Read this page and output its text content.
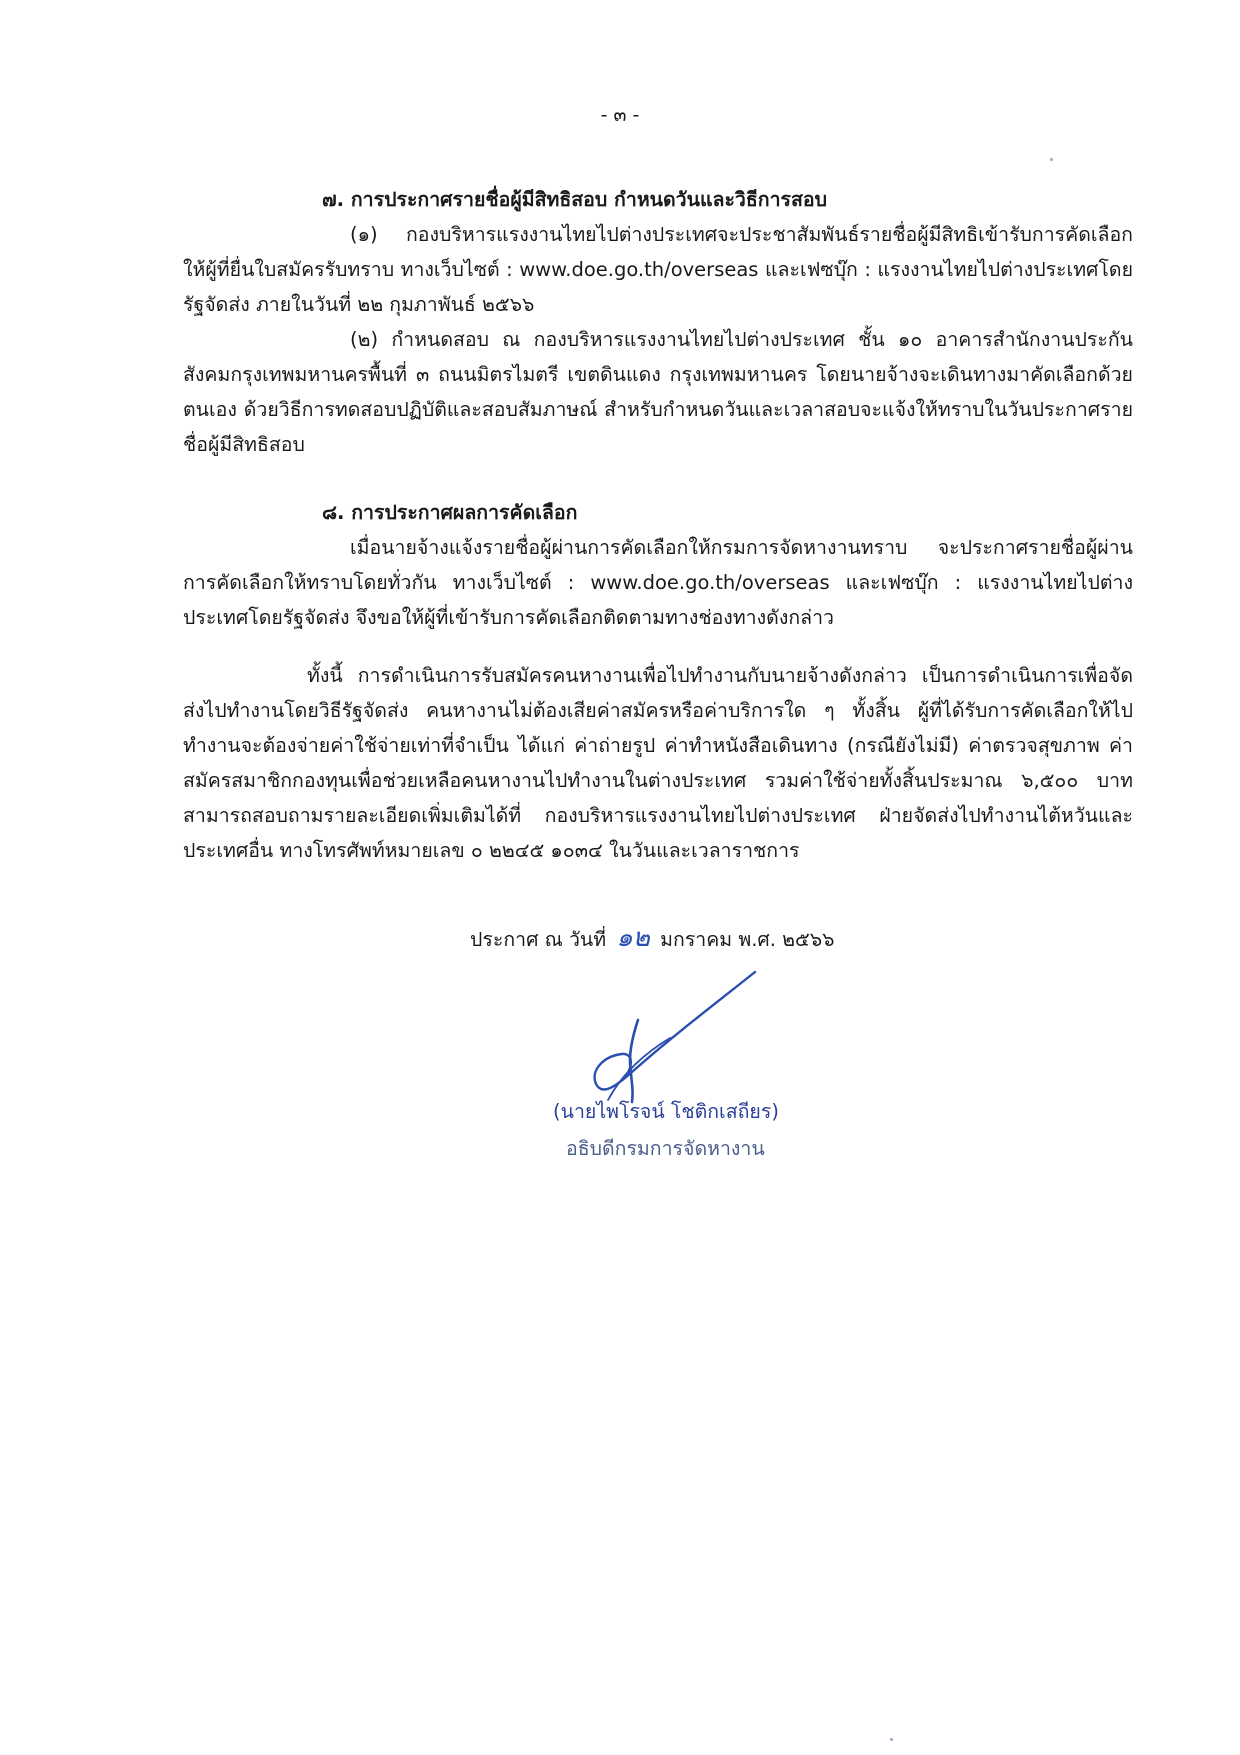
- ๓ -

๗. การประกาศรายชื่อผู้มีสิทธิสอบ กำหนดวันและวิธีการสอบ

(๑) กองบริหารแรงงานไทยไปต่างประเทศจะประชาสัมพันธ์รายชื่อผู้มีสิทธิเข้ารับการคัดเลือกให้ผู้ที่ยื่นใบสมัครรับทราบ ทางเว็บไซต์ : www.doe.go.th/overseas และเฟซบุ๊ก : แรงงานไทยไปต่างประเทศโดยรัฐจัดส่ง ภายในวันที่ ๒๒ กุมภาพันธ์ ๒๕๖๖

(๒) กำหนดสอบ ณ กองบริหารแรงงานไทยไปต่างประเทศ ชั้น ๑๐ อาคารสำนักงานประกันสังคมกรุงเทพมหานครพื้นที่ ๓ ถนนมิตรไมตรี เขตดินแดง กรุงเทพมหานคร โดยนายจ้างจะเดินทางมาคัดเลือกด้วยตนเอง ด้วยวิธีการทดสอบปฏิบัติและสอบสัมภาษณ์ สำหรับกำหนดวันและเวลาสอบจะแจ้งให้ทราบในวันประกาศรายชื่อผู้มีสิทธิสอบ

๘. การประกาศผลการคัดเลือก

เมื่อนายจ้างแจ้งรายชื่อผู้ผ่านการคัดเลือกให้กรมการจัดหางานทราบ จะประกาศรายชื่อผู้ผ่านการคัดเลือกให้ทราบโดยทั่วกัน ทางเว็บไซต์ : www.doe.go.th/overseas และเฟซบุ๊ก : แรงงานไทยไปต่างประเทศโดยรัฐจัดส่ง จึงขอให้ผู้ที่เข้ารับการคัดเลือกติดตามทางช่องทางดังกล่าว

ทั้งนี้ การดำเนินการรับสมัครคนหางานเพื่อไปทำงานกับนายจ้างดังกล่าว เป็นการดำเนินการเพื่อจัดส่งไปทำงานโดยวิธีรัฐจัดส่ง คนหางานไม่ต้องเสียค่าสมัครหรือค่าบริการใด ๆ ทั้งสิ้น ผู้ที่ได้รับการคัดเลือกให้ไปทำงานจะต้องจ่ายค่าใช้จ่ายเท่าที่จำเป็น ได้แก่ ค่าถ่ายรูป ค่าทำหนังสือเดินทาง (กรณียังไม่มี) ค่าตรวจสุขภาพ ค่าสมัครสมาชิกกองทุนเพื่อช่วยเหลือคนหางานไปทำงานในต่างประเทศ รวมค่าใช้จ่ายทั้งสิ้นประมาณ ๖,๕๐๐ บาท สามารถสอบถามรายละเอียดเพิ่มเติมได้ที่ กองบริหารแรงงานไทยไปต่างประเทศ ฝ่ายจัดส่งไปทำงานไต้หวันและประเทศอื่น ทางโทรศัพท์หมายเลข ๐ ๒๒๔๕ ๑๐๓๔ ในวันและเวลาราชการ

ประกาศ ณ วันที่ ๑๒ มกราคม พ.ศ. ๒๕๖๖
(นายไพโรจน์ โชติกเสถียร)
อธิบดีกรมการจัดหางาน
